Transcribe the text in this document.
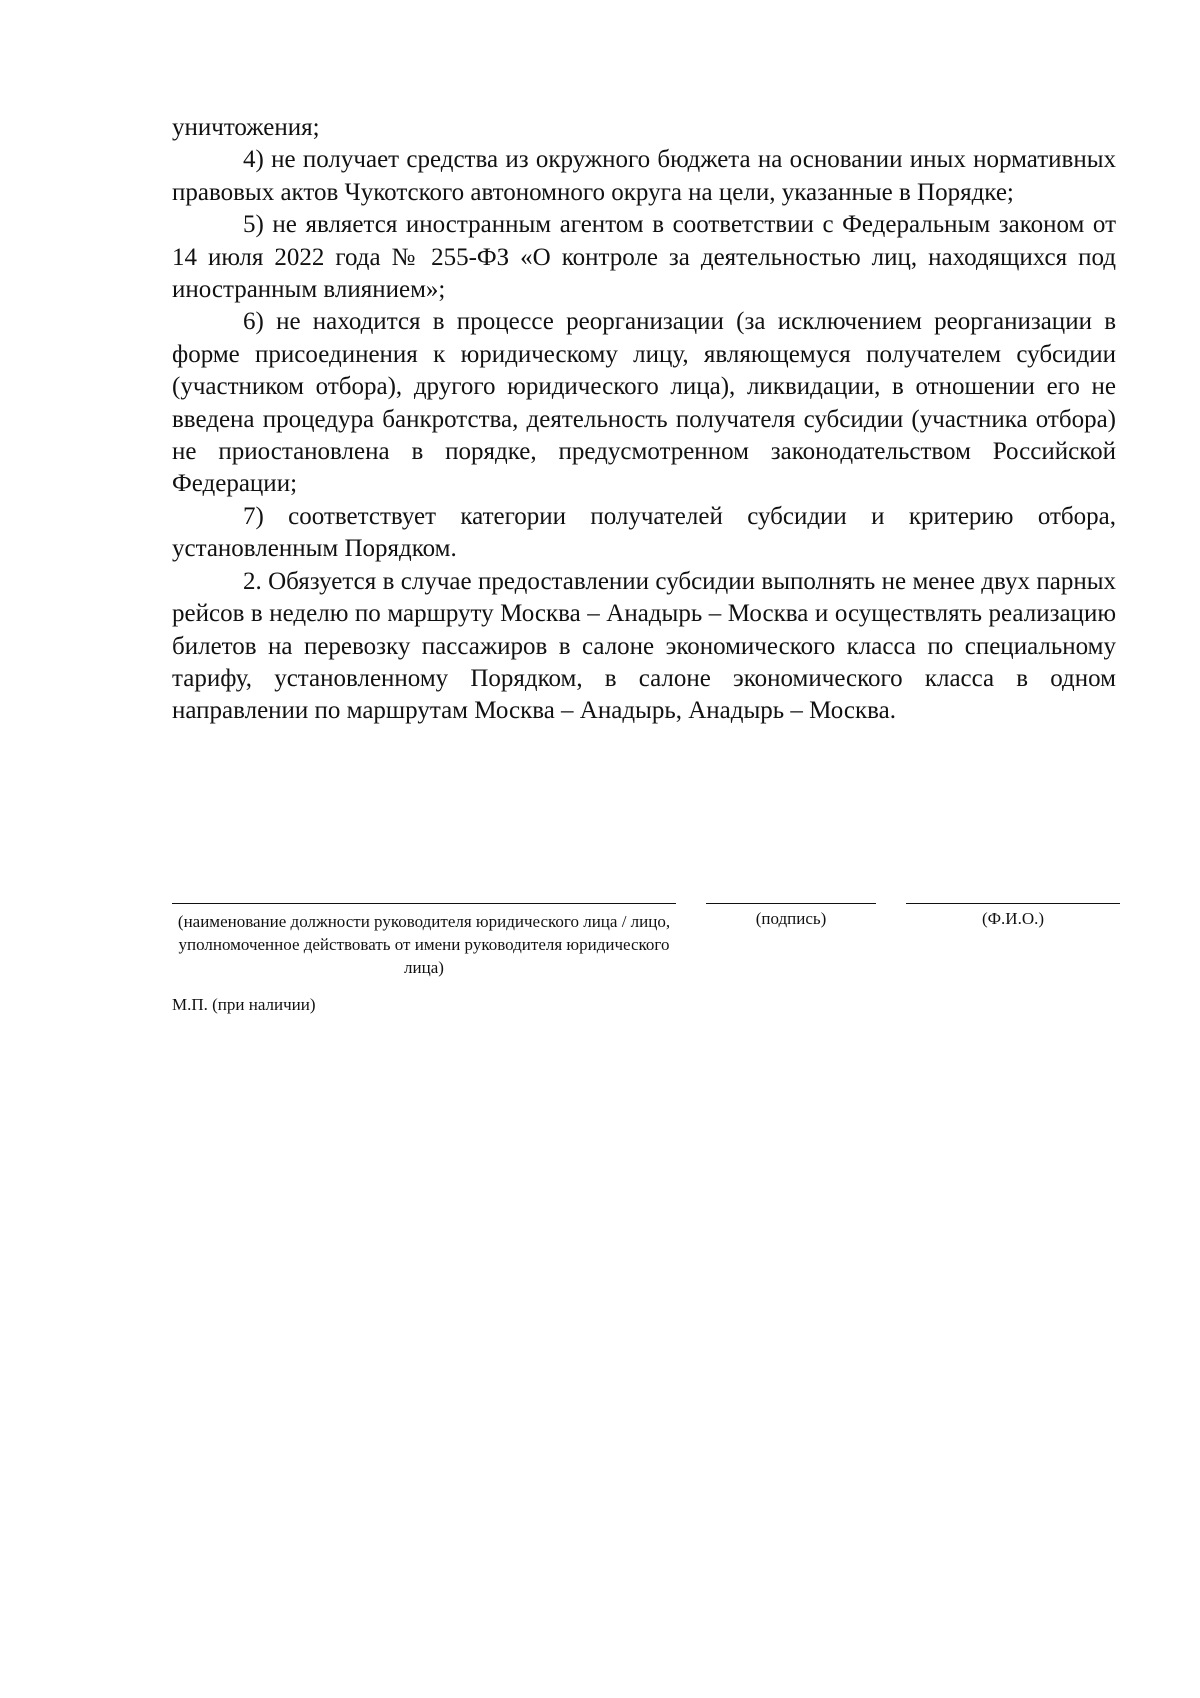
уничтожения;

4) не получает средства из окружного бюджета на основании иных нормативных правовых актов Чукотского автономного округа на цели, указанные в Порядке;

5) не является иностранным агентом в соответствии с Федеральным законом от 14 июля 2022 года № 255-ФЗ «О контроле за деятельностью лиц, находящихся под иностранным влиянием»;

6) не находится в процессе реорганизации (за исключением реорганизации в форме присоединения к юридическому лицу, являющемуся получателем субсидии (участником отбора), другого юридического лица), ликвидации, в отношении его не введена процедура банкротства, деятельность получателя субсидии (участника отбора) не приостановлена в порядке, предусмотренном законодательством Российской Федерации;

7) соответствует категории получателей субсидии и критерию отбора, установленным Порядком.

2. Обязуется в случае предоставлении субсидии выполнять не менее двух парных рейсов в неделю по маршруту Москва – Анадырь – Москва и осуществлять реализацию билетов на перевозку пассажиров в салоне экономического класса по специальному тарифу, установленному Порядком, в салоне экономического класса в одном направлении по маршрутам Москва – Анадырь, Анадырь – Москва.

(наименование должности руководителя юридического лица / лицо, уполномоченное действовать от имени руководителя юридического лица)
(подпись)	(Ф.И.О.)
М.П. (при наличии)
